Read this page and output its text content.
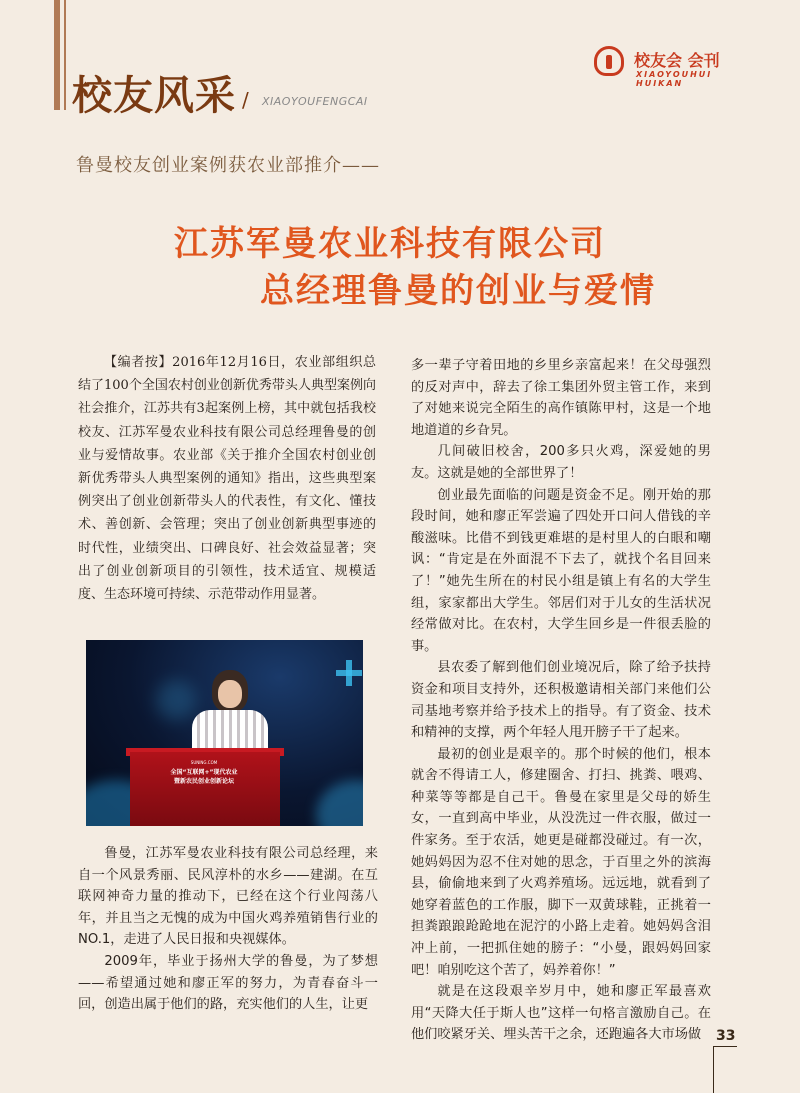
校友风采 / XIAOYOUFENGCAI
校友会 会刊
XIAOYOUHUI HUIKAN
鲁曼校友创业案例获农业部推介——
江苏军曼农业科技有限公司
总经理鲁曼的创业与爱情
【编者按】2016年12月16日，农业部组织总结了100个全国农村创业创新优秀带头人典型案例向社会推介，江苏共有3起案例上榜，其中就包括我校校友、江苏军曼农业科技有限公司总经理鲁曼的创业与爱情故事。农业部《关于推介全国农村创业创新优秀带头人典型案例的通知》指出，这些典型案例突出了创业创新带头人的代表性，有文化、懂技术、善创新、会管理；突出了创业创新典型事迹的时代性，业绩突出、口碑良好、社会效益显著；突出了创业创新项目的引领性，技术适宜、规模适度、生态环境可持续、示范带动作用显著。
SUNING.COM
全国“互联网+”现代农业
暨新农民创业创新论坛

鲁曼，江苏军曼农业科技有限公司总经理，来自一个风景秀丽、民风淳朴的水乡——建湖。在互联网神奇力量的推动下，已经在这个行业闯荡八年，并且当之无愧的成为中国火鸡养殖销售行业的NO.1，走进了人民日报和央视媒体。

2009年，毕业于扬州大学的鲁曼，为了梦想——希望通过她和廖正军的努力，为青春奋斗一回，创造出属于他们的路，充实他们的人生，让更

多一辈子守着田地的乡里乡亲富起来！在父母强烈的反对声中，辞去了徐工集团外贸主管工作，来到了对她来说完全陌生的高作镇陈甲村，这是一个地地道道的乡旮旯。

几间破旧校舍，200多只火鸡，深爱她的男友。这就是她的全部世界了！

创业最先面临的问题是资金不足。刚开始的那段时间，她和廖正军尝遍了四处开口问人借钱的辛酸滋味。比借不到钱更难堪的是村里人的白眼和嘲讽：“肯定是在外面混不下去了，就找个名目回来了！”她先生所在的村民小组是镇上有名的大学生组，家家都出大学生。邻居们对于儿女的生活状况经常做对比。在农村，大学生回乡是一件很丢脸的事。

县农委了解到他们创业境况后，除了给予扶持资金和项目支持外，还积极邀请相关部门来他们公司基地考察并给予技术上的指导。有了资金、技术和精神的支撑，两个年轻人甩开膀子干了起来。

最初的创业是艰辛的。那个时候的他们，根本就舍不得请工人，修建圈舍、打扫、挑粪、喂鸡、种菜等等都是自己干。鲁曼在家里是父母的娇生女，一直到高中毕业，从没洗过一件衣服，做过一件家务。至于农活，她更是碰都没碰过。有一次，她妈妈因为忍不住对她的思念，于百里之外的滨海县，偷偷地来到了火鸡养殖场。远远地，就看到了她穿着蓝色的工作服，脚下一双黄球鞋，正挑着一担粪踉踉跄跄地在泥泞的小路上走着。她妈妈含泪冲上前，一把抓住她的膀子：“小曼，跟妈妈回家吧！咱别吃这个苦了，妈养着你！”

就是在这段艰辛岁月中，她和廖正军最喜欢用“天降大任于斯人也”这样一句格言激励自己。在他们咬紧牙关、埋头苦干之余，还跑遍各大市场做	33
